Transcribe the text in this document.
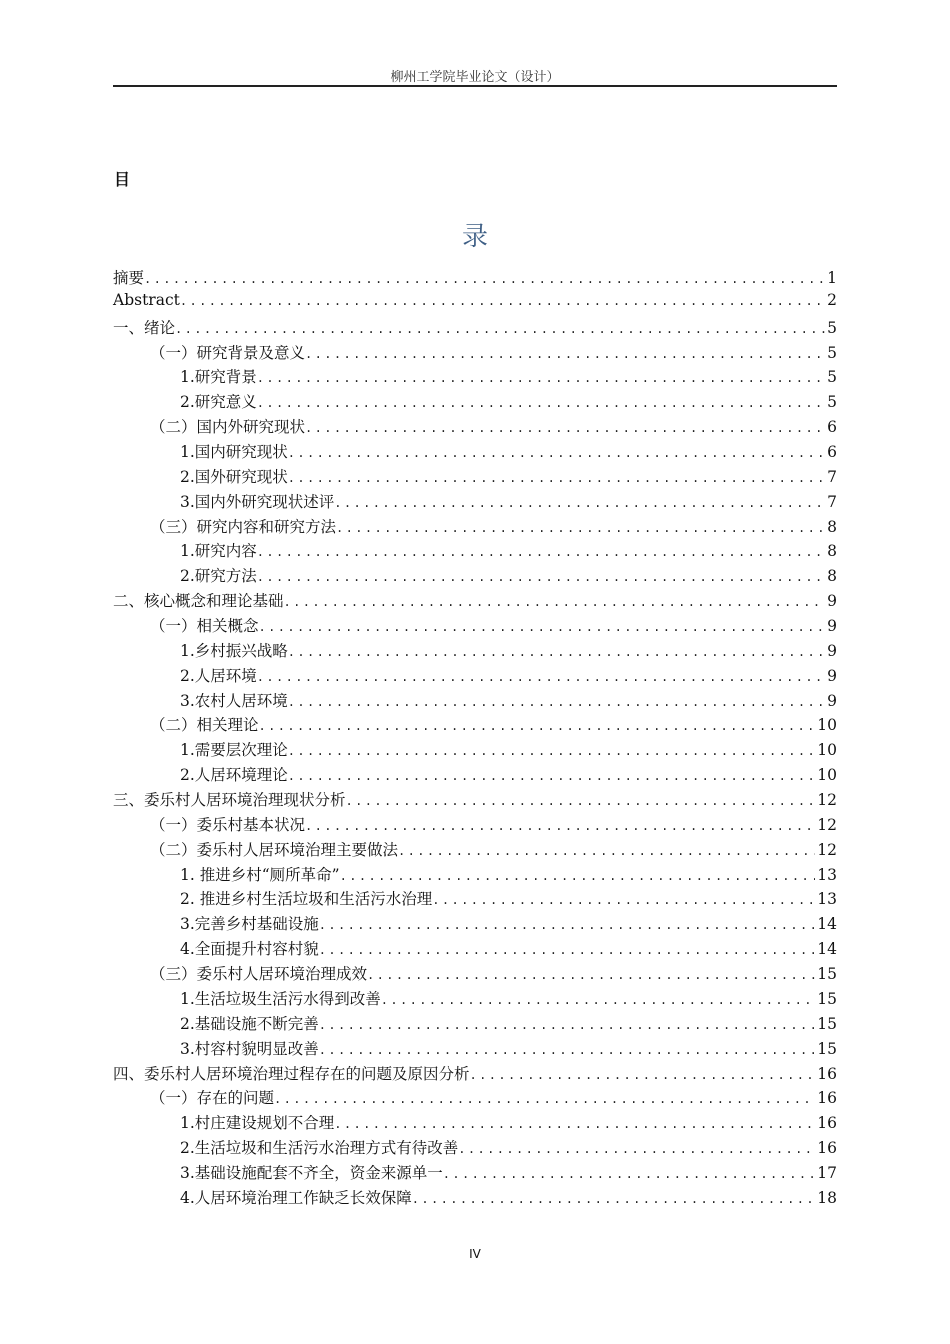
柳州工学院毕业论文（设计）
目
录
摘要 .....	1
Abstract .....	2
一、绪论 .....	5
（一）研究背景及意义 .....	5
1.研究背景 .....	5
2.研究意义 .....	5
（二）国内外研究现状 .....	6
1.国内研究现状 .....	6
2.国外研究现状 .....	7
3.国内外研究现状述评 .....	7
（三）研究内容和研究方法 .....	8
1.研究内容 .....	8
2.研究方法 .....	8
二、核心概念和理论基础 .....	9
（一）相关概念 .....	9
1.乡村振兴战略 .....	9
2.人居环境 .....	9
3.农村人居环境 .....	9
（二）相关理论 .....	10
1.需要层次理论 .....	10
2.人居环境理论 .....	10
三、委乐村人居环境治理现状分析 .....	12
（一）委乐村基本状况 .....	12
（二）委乐村人居环境治理主要做法 .....	12
1. 推进乡村“厕所革命” .....	13
2. 推进乡村生活垃圾和生活污水治理 .....	13
3.完善乡村基础设施 .....	14
4.全面提升村容村貌 .....	14
（三）委乐村人居环境治理成效 .....	15
1.生活垃圾生活污水得到改善 .....	15
2.基础设施不断完善 .....	15
3.村容村貌明显改善 .....	15
四、委乐村人居环境治理过程存在的问题及原因分析 .....	16
（一）存在的问题 .....	16
1.村庄建设规划不合理 .....	16
2.生活垃圾和生活污水治理方式有待改善 .....	16
3.基础设施配套不齐全，资金来源单一 .....	17
4.人居环境治理工作缺乏长效保障 .....	18
IV
